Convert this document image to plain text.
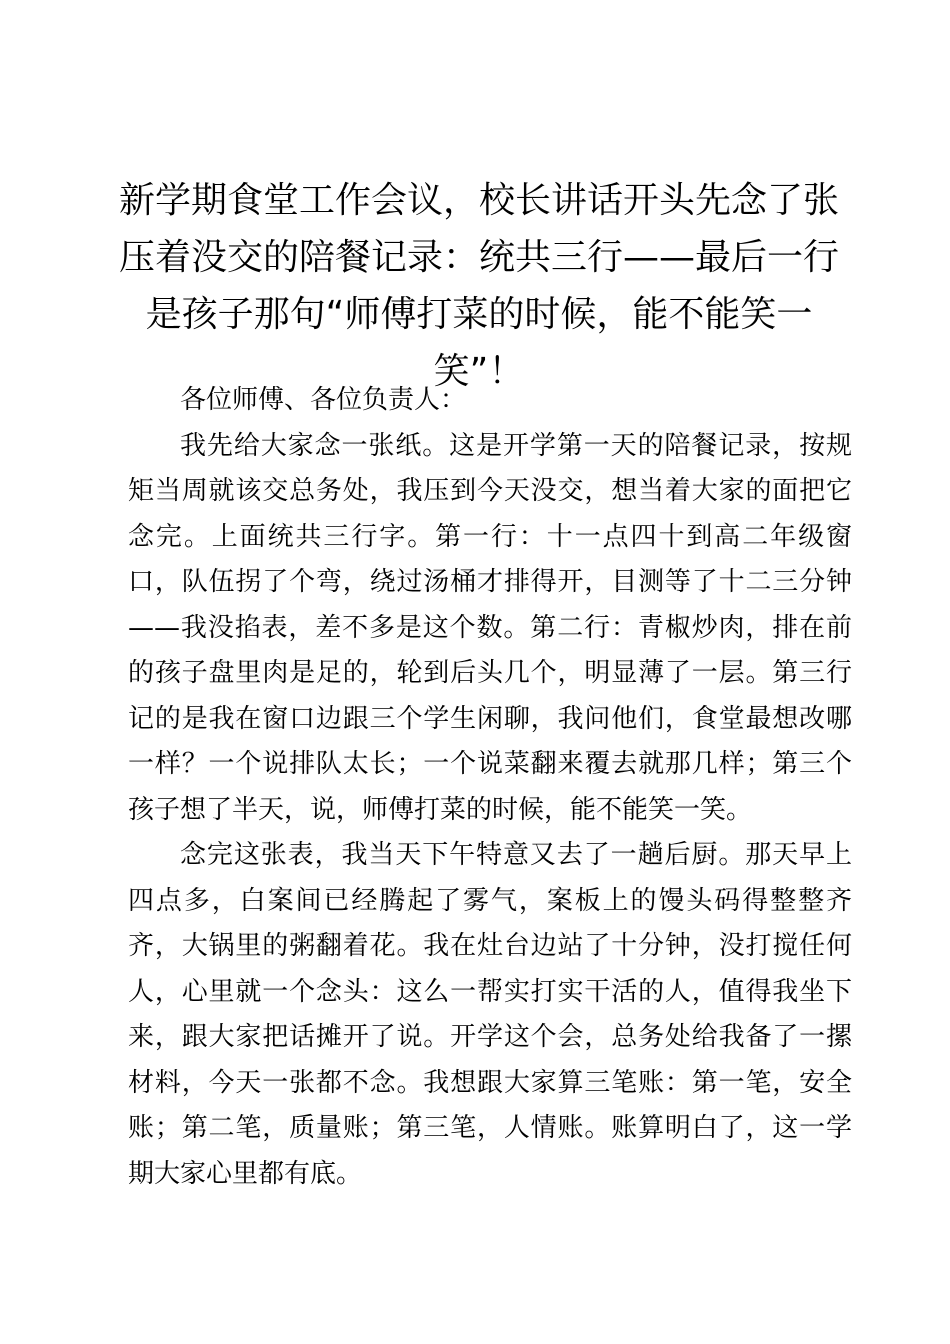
新学期食堂工作会议，校长讲话开头先念了张压着没交的陪餐记录：统共三行——最后一行是孩子那句“师傅打菜的时候，能不能笑一笑”！

各位师傅、各位负责人：

我先给大家念一张纸。这是开学第一天的陪餐记录，按规矩当周就该交总务处，我压到今天没交，想当着大家的面把它念完。上面统共三行字。第一行：十一点四十到高二年级窗口，队伍拐了个弯，绕过汤桶才排得开，目测等了十二三分钟——我没掐表，差不多是这个数。第二行：青椒炒肉，排在前的孩子盘里肉是足的，轮到后头几个，明显薄了一层。第三行记的是我在窗口边跟三个学生闲聊，我问他们，食堂最想改哪一样？一个说排队太长；一个说菜翻来覆去就那几样；第三个孩子想了半天，说，师傅打菜的时候，能不能笑一笑。

念完这张表，我当天下午特意又去了一趟后厨。那天早上四点多，白案间已经腾起了雾气，案板上的馒头码得整整齐齐，大锅里的粥翻着花。我在灶台边站了十分钟，没打搅任何人，心里就一个念头：这么一帮实打实干活的人，值得我坐下来，跟大家把话摊开了说。开学这个会，总务处给我备了一摞材料，今天一张都不念。我想跟大家算三笔账：第一笔，安全账；第二笔，质量账；第三笔，人情账。账算明白了，这一学期大家心里都有底。
